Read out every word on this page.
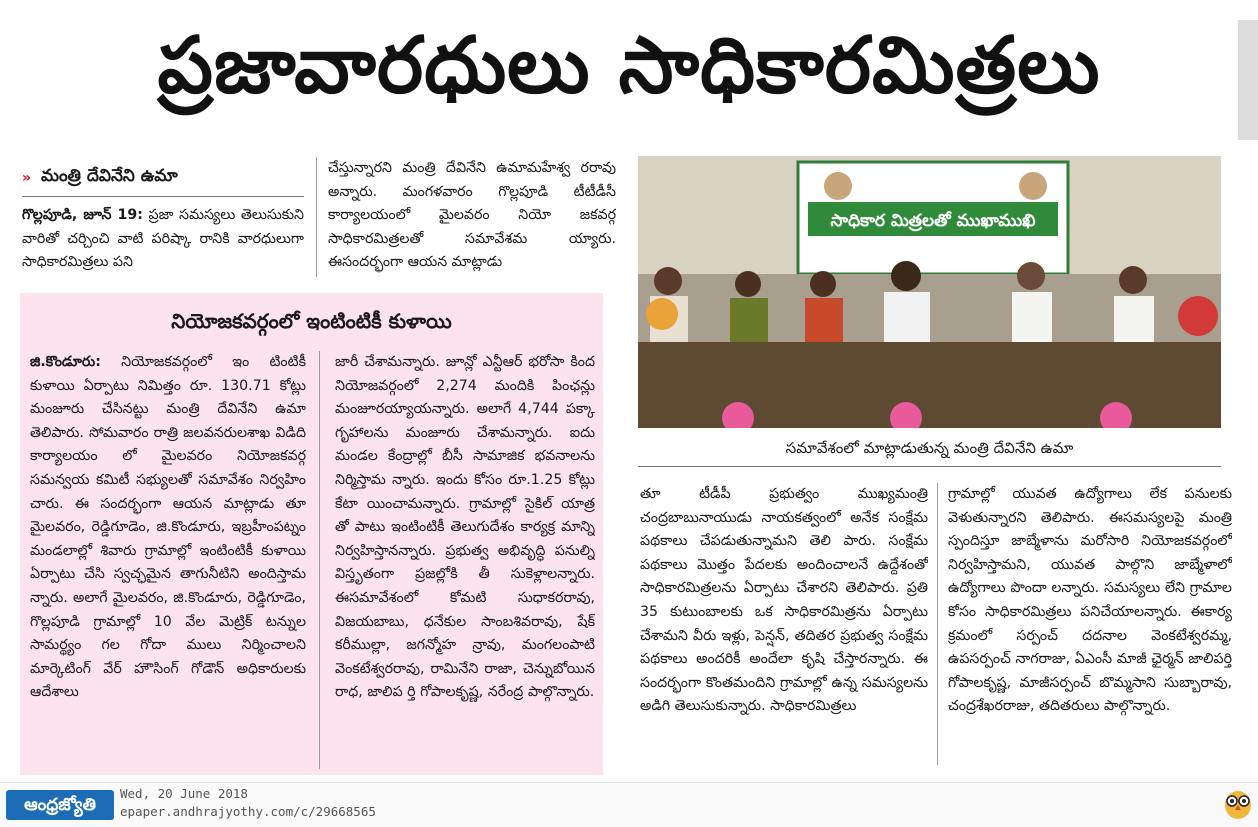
ప్రజావారధులు సాధికారమిత్రలు
» మంత్రి దేవినేని ఉమా
గొల్లపూడి, జూన్ 19: ప్రజా సమస్యలు తెలుసుకుని వారితో చర్చించి వాటి పరిష్కా రానికి వారధులుగా సాధికారమిత్రలు పని
చేస్తున్నారని మంత్రి దేవినేని ఉమామహేశ్వ రరావు అన్నారు. మంగళవారం గొల్లపూడి టీటీడీసీ కార్యాలయంలో మైలవరం నియో జకవర్గ సాధికారమిత్రలతో సమావేశమ య్యారు. ఈసందర్భంగా ఆయన మాట్లాడు
నియోజకవర్గంలో ఇంటింటికీ కుళాయి
జి.కొండూరు: నియోజకవర్గంలో ఇం టింటికీ కుళాయి ఏర్పాటు నిమిత్తం రూ. 130.71 కోట్లు మంజూరు చేసినట్టు మంత్రి దేవినేని ఉమా తెలిపారు. సోమవారం రాత్రి జలవనరులశాఖ విడిది కార్యాలయం లో మైలవరం నియోజకవర్గ సమన్వయ కమిటీ సభ్యులతో సమావేశం నిర్వహిం చారు. ఈ సందర్భంగా ఆయన మాట్లాడు తూ మైలవరం, రెడ్డిగూడెం, జి.కొండూరు, ఇబ్రహీంపట్నం మండలాల్లో శివారు గ్రామాల్లో ఇంటింటికీ కుళాయి ఏర్పాటు చేసి స్వచ్ఛమైన తాగునీటిని అందిస్తామ న్నారు. అలాగే మైలవరం, జి.కొండూరు, రెడ్డిగూడెం, గొల్లపూడి గ్రామాల్లో 10 వేల మెట్రిక్ టన్నుల సామర్థ్యం గల గోదా ములు నిర్మించాలని మార్కెటింగ్ వేర్ హౌసింగ్ గోడౌన్ అధికారులకు ఆదేశాలు
జారీ చేశామన్నారు. జూన్లో ఎన్టీఆర్ భరోసా కింద నియోజవర్గంలో 2,274 మందికి పింఛన్లు మంజూరయ్యాయన్నారు. అలాగే 4,744 పక్కా గృహాలను మంజూరు చేశామన్నారు. ఐదు మండల కేంద్రాల్లో బీసీ సామాజిక భవనాలను నిర్మిస్తామ న్నారు. ఇందు కోసం రూ.1.25 కోట్లు కేటా యించామన్నారు. గ్రామాల్లో సైకిల్ యాత్ర తో పాటు ఇంటింటికీ తెలుగుదేశం కార్యక్ర మాన్ని నిర్వహిస్తానన్నారు. ప్రభుత్వ అభివృద్ధి పనుల్ని విస్తృతంగా ప్రజల్లోకి తీ సుకెళ్లాలన్నారు. ఈసమావేశంలో కోమటి సుధాకరరావు, విజయబాబు, ధనేకుల సాంబశివరావు, షేక్ కరీముల్లా, జగన్మోహ న్రావు, మంగలంపాటి వెంకటేశ్వరరావు, రామినేని రాజా, చెన్నుబోయిన రాధ, జాలిప ర్తి గోపాలకృష్ణ, నరేంద్ర పాల్గొన్నారు.
సాధికార మిత్రలతో ముఖాముఖి
సమావేశంలో మాట్లాడుతున్న మంత్రి దేవినేని ఉమా
తూ టీడీపీ ప్రభుత్వం ముఖ్యమంత్రి చంద్రబాబునాయుడు నాయకత్వంలో అనేక సంక్షేమ పథకాలు చేపడుతున్నామని తెలి పారు. సంక్షేమ పథకాలు మొత్తం పేదలకు అందించాలనే ఉద్దేశంతో సాధికారమిత్రలను ఏర్పాటు చేశారని తెలిపారు. ప్రతి 35 కుటుంబాలకు ఒక సాధికారమిత్రను ఏర్పాటు చేశామని వీరు ఇళ్లు, పెన్షన్, తదితర ప్రభుత్వ సంక్షేమ పథకాలు అందరికీ అందేలా కృషి చేస్తారన్నారు. ఈ సందర్భంగా కొంతమందిని గ్రామాల్లో ఉన్న సమస్యలను అడిగి తెలుసుకున్నారు. సాధికారమిత్రలు
గ్రామాల్లో యువత ఉద్యోగాలు లేక పనులకు వెళుతున్నారని తెలిపారు. ఈసమస్యలపై మంత్రి స్పందిస్తూ జాబ్మేళాను మరోసారి నియోజకవర్గంలో నిర్వహిస్తామని, యువత పాల్గొని జాబ్మేళాలో ఉద్యోగాలు పొందా లన్నారు. సమస్యలు లేని గ్రామాల కోసం సాధికారమిత్రలు పనిచేయాలన్నారు. ఈకార్య క్రమంలో సర్పంచ్ దదనాల వెంకటేశ్వరమ్మ, ఉపసర్పంచ్ నాగరాజు, ఏఎంసీ మాజీ ఛైర్మన్ జాలిపర్తి గోపాలకృష్ణ, మాజీసర్పంచ్ బొమ్మసాని సుబ్బారావు, చంద్రశేఖరరాజు, తదితరులు పాల్గొన్నారు.
ఆంధ్రజ్యోతి
Wed, 20 June 2018
epaper.andhrajyothy.com/c/29668565
